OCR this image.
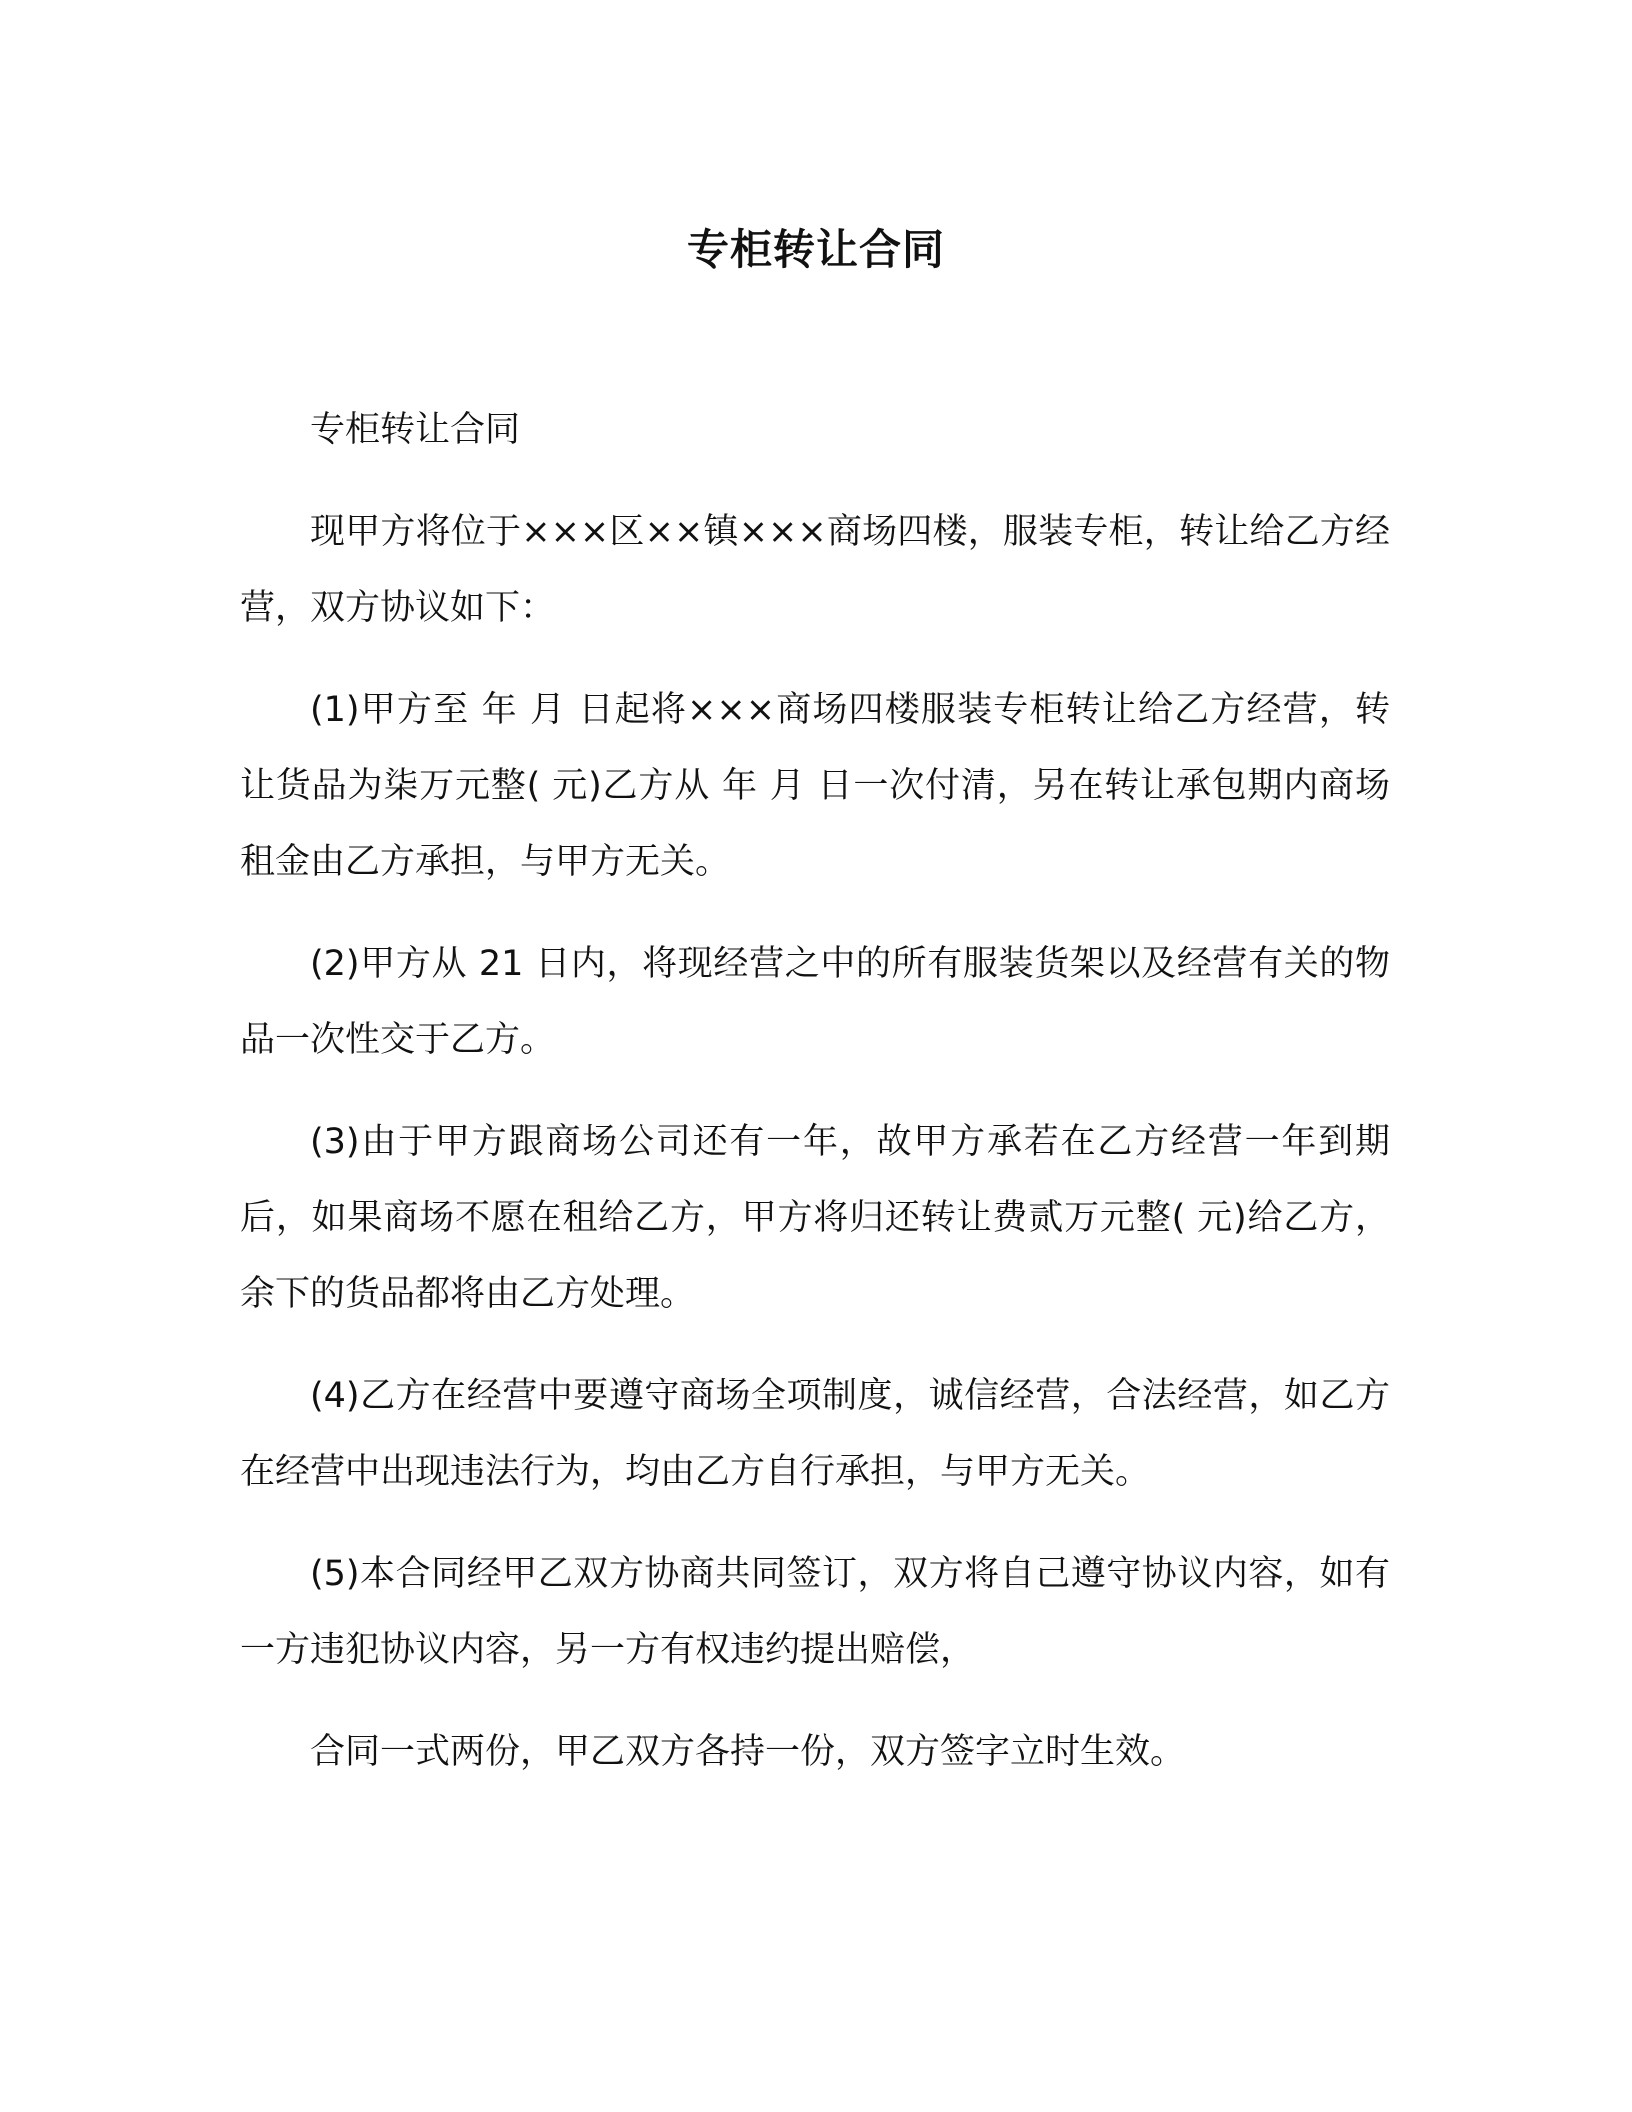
专柜转让合同

专柜转让合同

现甲方将位于×××区××镇×××商场四楼，服装专柜，转让给乙方经营，双方协议如下：

(1)甲方至 年 月 日起将×××商场四楼服装专柜转让给乙方经营，转让货品为柒万元整( 元)乙方从 年 月 日一次付清，另在转让承包期内商场租金由乙方承担，与甲方无关。

(2)甲方从 21 日内，将现经营之中的所有服装货架以及经营有关的物品一次性交于乙方。

(3)由于甲方跟商场公司还有一年，故甲方承若在乙方经营一年到期后，如果商场不愿在租给乙方，甲方将归还转让费贰万元整( 元)给乙方，余下的货品都将由乙方处理。

(4)乙方在经营中要遵守商场全项制度，诚信经营，合法经营，如乙方在经营中出现违法行为，均由乙方自行承担，与甲方无关。

(5)本合同经甲乙双方协商共同签订，双方将自己遵守协议内容，如有一方违犯协议内容，另一方有权违约提出赔偿，

合同一式两份，甲乙双方各持一份，双方签字立时生效。
